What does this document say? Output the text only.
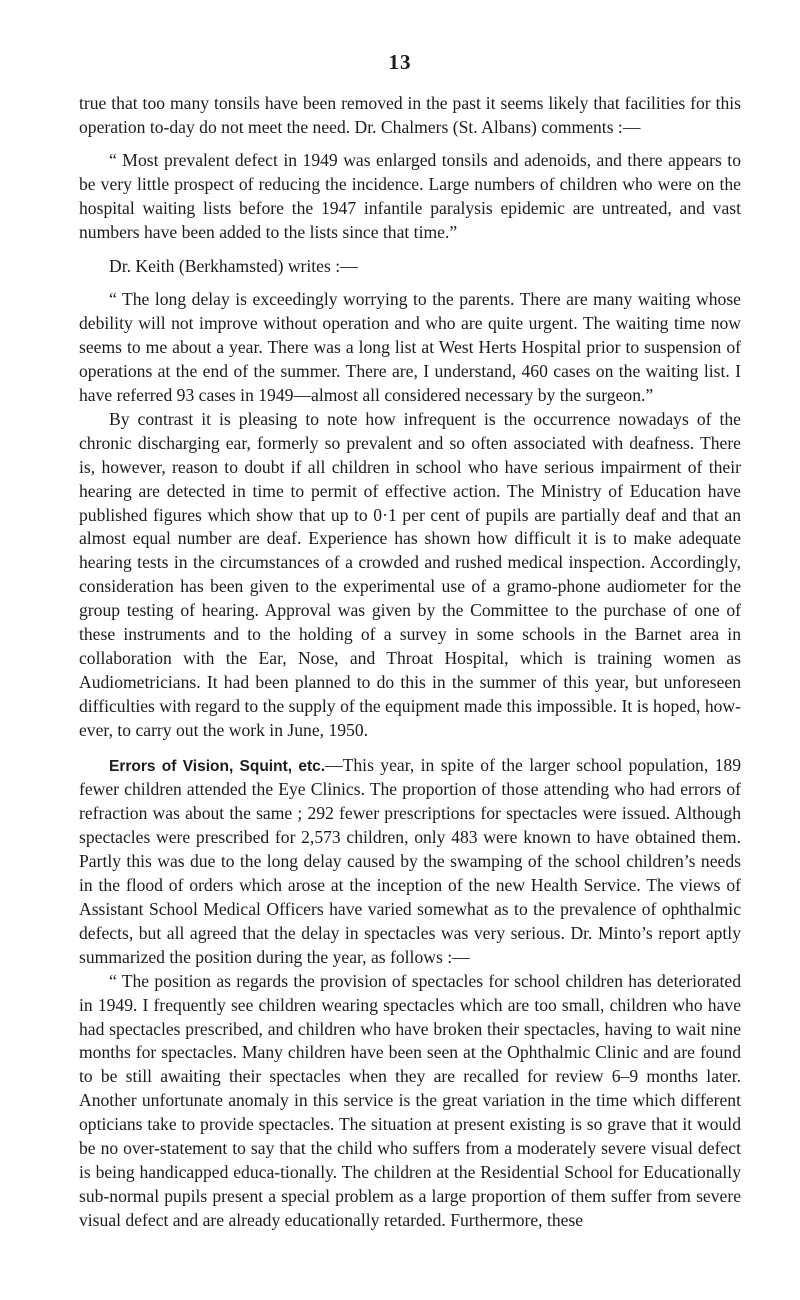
13

true that too many tonsils have been removed in the past it seems likely that facilities for this operation to-day do not meet the need. Dr. Chalmers (St. Albans) comments :—

“ Most prevalent defect in 1949 was enlarged tonsils and adenoids, and there appears to be very little prospect of reducing the incidence. Large numbers of children who were on the hospital waiting lists before the 1947 infantile paralysis epidemic are untreated, and vast numbers have been added to the lists since that time.”

Dr. Keith (Berkhamsted) writes :—

“ The long delay is exceedingly worrying to the parents. There are many waiting whose debility will not improve without operation and who are quite urgent. The waiting time now seems to me about a year. There was a long list at West Herts Hospital prior to suspension of operations at the end of the summer. There are, I understand, 460 cases on the waiting list. I have referred 93 cases in 1949—almost all considered necessary by the surgeon.”

By contrast it is pleasing to note how infrequent is the occurrence nowadays of the chronic discharging ear, formerly so prevalent and so often associated with deafness. There is, however, reason to doubt if all children in school who have serious impairment of their hearing are detected in time to permit of effective action. The Ministry of Education have published figures which show that up to 0·1 per cent of pupils are partially deaf and that an almost equal number are deaf. Experience has shown how difficult it is to make adequate hearing tests in the circumstances of a crowded and rushed medical inspection. Accordingly, consideration has been given to the experimental use of a gramo-phone audiometer for the group testing of hearing. Approval was given by the Committee to the purchase of one of these instruments and to the holding of a survey in some schools in the Barnet area in collaboration with the Ear, Nose, and Throat Hospital, which is training women as Audiometricians. It had been planned to do this in the summer of this year, but unforeseen difficulties with regard to the supply of the equipment made this impossible. It is hoped, how-ever, to carry out the work in June, 1950.

Errors of Vision, Squint, etc.—This year, in spite of the larger school population, 189 fewer children attended the Eye Clinics. The proportion of those attending who had errors of refraction was about the same ; 292 fewer prescriptions for spectacles were issued. Although spectacles were prescribed for 2,573 children, only 483 were known to have obtained them. Partly this was due to the long delay caused by the swamping of the school children’s needs in the flood of orders which arose at the inception of the new Health Service. The views of Assistant School Medical Officers have varied somewhat as to the prevalence of ophthalmic defects, but all agreed that the delay in spectacles was very serious. Dr. Minto’s report aptly summarized the position during the year, as follows :—

“ The position as regards the provision of spectacles for school children has deteriorated in 1949. I frequently see children wearing spectacles which are too small, children who have had spectacles prescribed, and children who have broken their spectacles, having to wait nine months for spectacles. Many children have been seen at the Ophthalmic Clinic and are found to be still awaiting their spectacles when they are recalled for review 6–9 months later. Another unfortunate anomaly in this service is the great variation in the time which different opticians take to provide spectacles. The situation at present existing is so grave that it would be no over-statement to say that the child who suffers from a moderately severe visual defect is being handicapped educa-tionally. The children at the Residential School for Educationally sub-normal pupils present a special problem as a large proportion of them suffer from severe visual defect and are already educationally retarded. Furthermore, these
